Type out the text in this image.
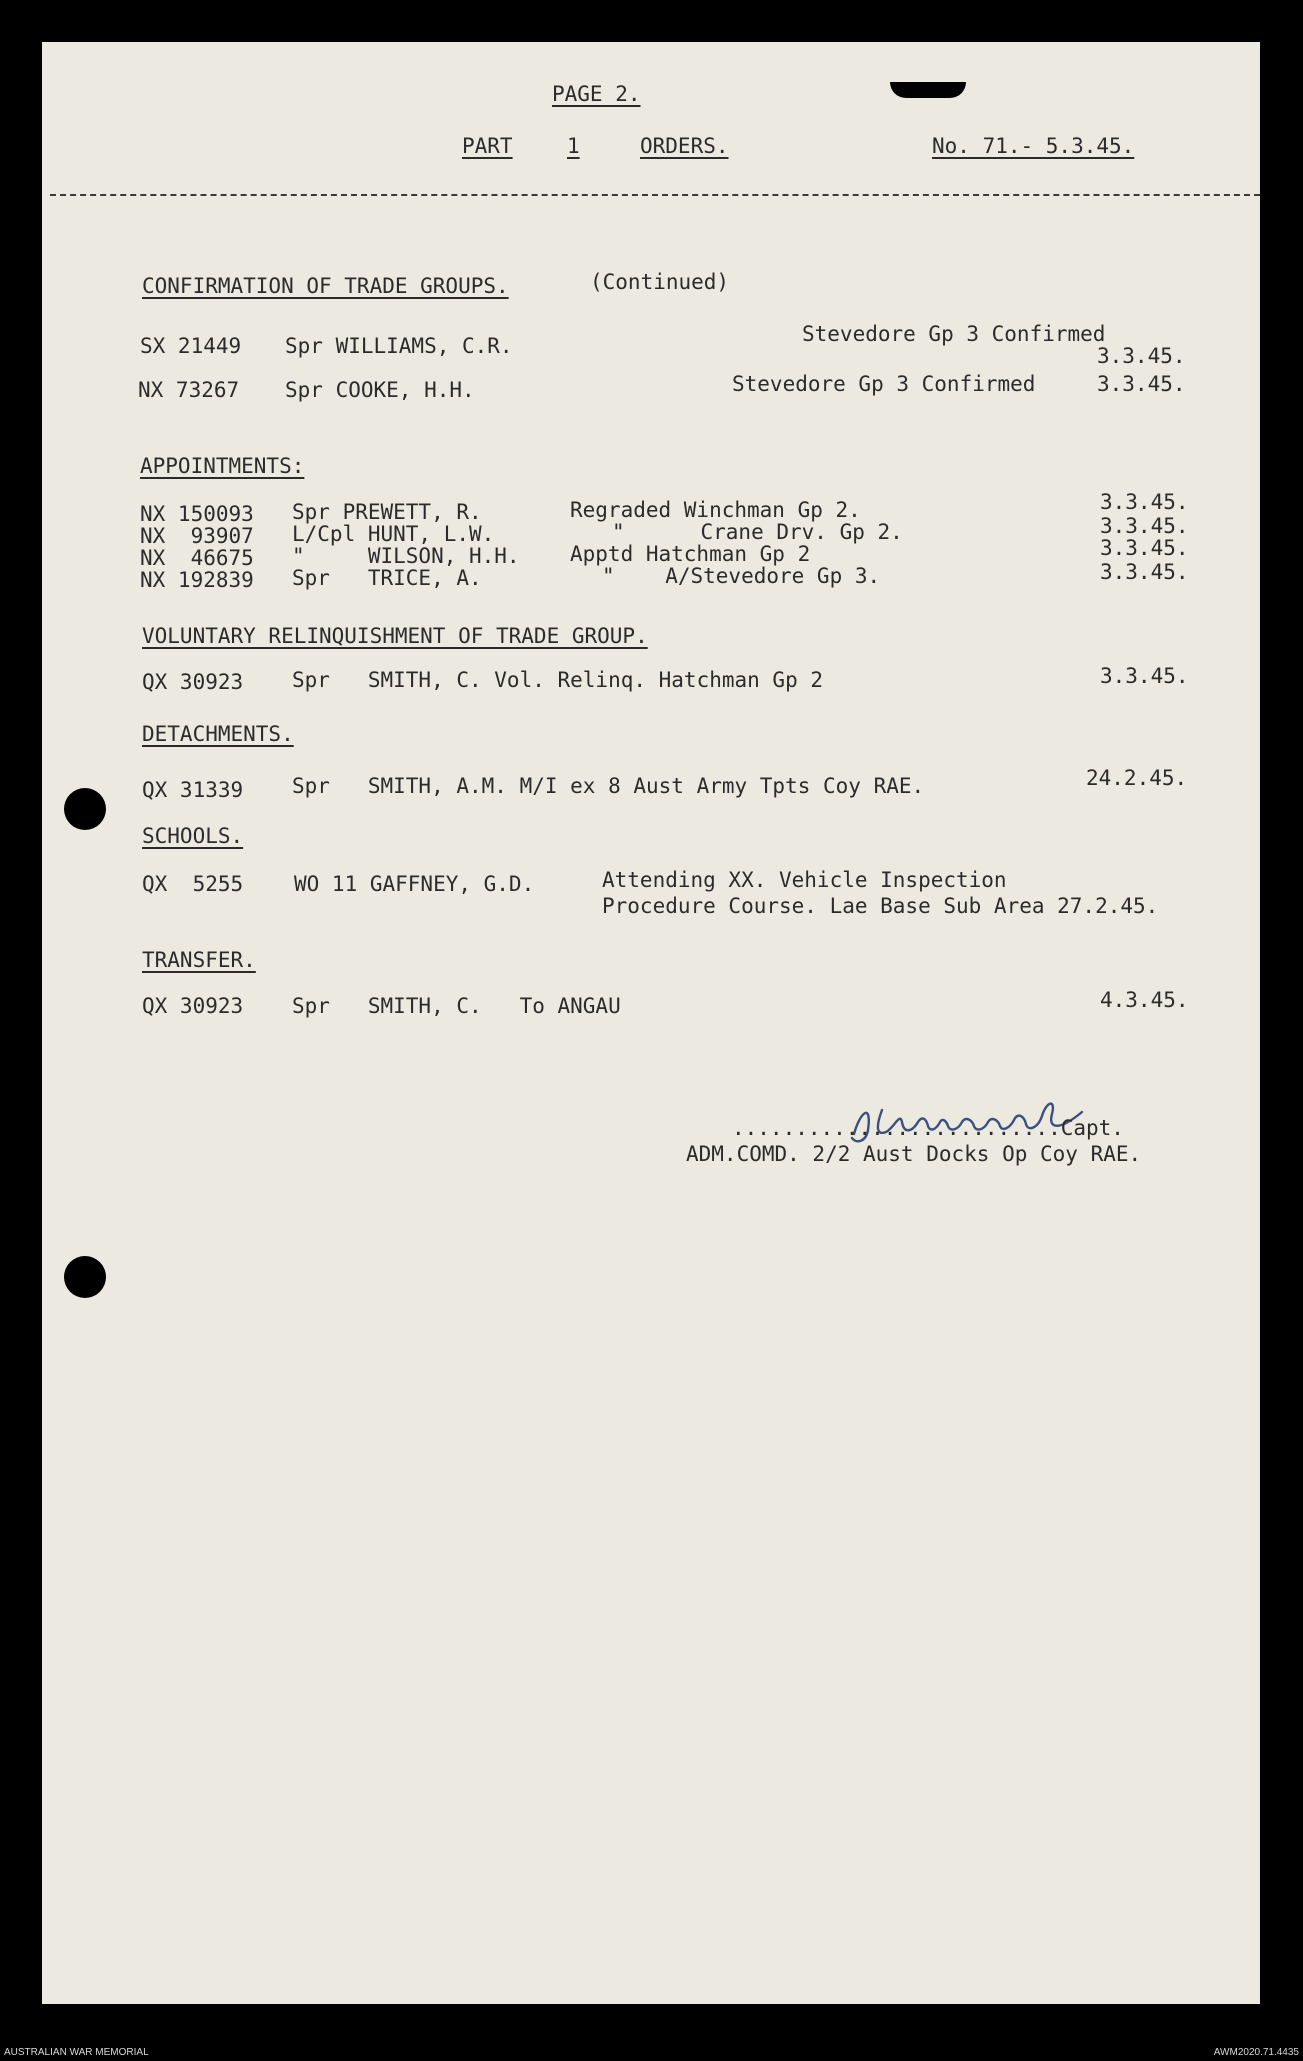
PAGE 2.
PART	1	ORDERS.	No. 71.- 5.3.45.
CONFIRMATION OF TRADE GROUPS.	(Continued)
SX 21449 Spr WILLIAMS, C.R.	Stevedore Gp 3 Confirmed
3.3.45.
NX 73267 Spr COOKE, H.H.	Stevedore Gp 3 Confirmed	3.3.45.
APPOINTMENTS:
NX 150093 Spr PREWETT, R.	Regraded Winchman Gp 2.	3.3.45.
NX  93907 L/Cpl HUNT, L.W.	"      Crane Drv. Gp 2.	3.3.45.
NX  46675 "     WILSON, H.H. Apptd Hatchman Gp 2	3.3.45.
NX 192839 Spr   TRICE, A.	"    A/Stevedore Gp 3.	3.3.45.
VOLUNTARY RELINQUISHMENT OF TRADE GROUP.
QX 30923 Spr   SMITH, C. Vol. Relinq. Hatchman Gp 2	3.3.45.
DETACHMENTS.
QX 31339 Spr   SMITH, A.M. M/I ex 8 Aust Army Tpts Coy RAE.	24.2.45.
SCHOOLS.
QX  5255 WO 11 GAFFNEY, G.D.	Attending XX. Vehicle Inspection
Procedure Course. Lae Base Sub Area 27.2.45.
TRANSFER.
QX 30923 Spr   SMITH, C.   To ANGAU	4.3.45.
..........................Capt.
ADM.COMD. 2/2 Aust Docks Op Coy RAE.
AUSTRALIAN WAR MEMORIAL	AWM2020.71.4435
